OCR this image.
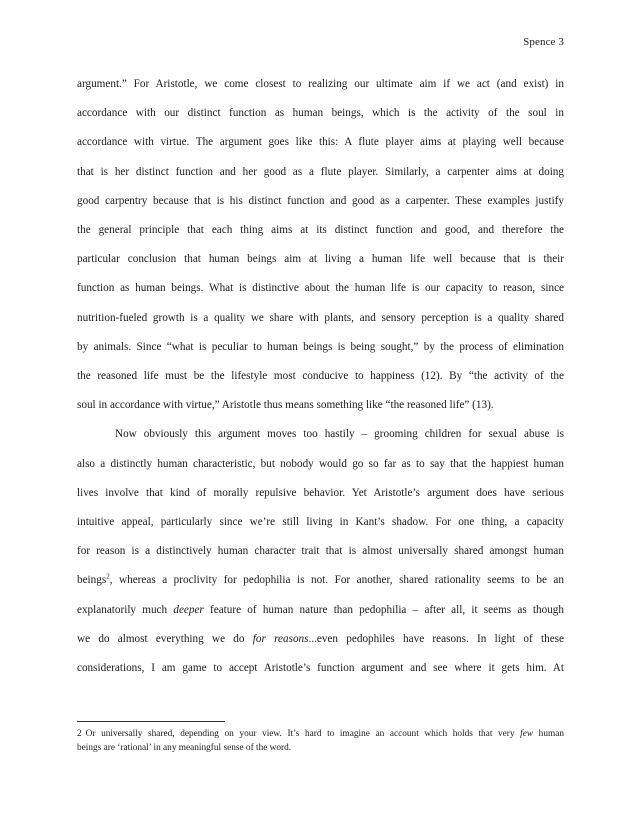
Spence 3

argument.” For Aristotle, we come closest to realizing our ultimate aim if we act (and exist) in
accordance with our distinct function as human beings, which is the activity of the soul in
accordance with virtue. The argument goes like this: A flute player aims at playing well because
that is her distinct function and her good as a flute player. Similarly, a carpenter aims at doing
good carpentry because that is his distinct function and good as a carpenter. These examples justify
the general principle that each thing aims at its distinct function and good, and therefore the
particular conclusion that human beings aim at living a human life well because that is their
function as human beings. What is distinctive about the human life is our capacity to reason, since
nutrition-fueled growth is a quality we share with plants, and sensory perception is a quality shared
by animals. Since “what is peculiar to human beings is being sought,” by the process of elimination
the reasoned life must be the lifestyle most conducive to happiness (12). By “the activity of the
soul in accordance with virtue,” Aristotle thus means something like “the reasoned life” (13).

Now obviously this argument moves too hastily – grooming children for sexual abuse is
also a distinctly human characteristic, but nobody would go so far as to say that the happiest human
lives involve that kind of morally repulsive behavior. Yet Aristotle’s argument does have serious
intuitive appeal, particularly since we’re still living in Kant’s shadow. For one thing, a capacity
for reason is a distinctively human character trait that is almost universally shared amongst human
beings$^2$, whereas a proclivity for pedophilia is not. For another, shared rationality seems to be an
explanatorily much deeper feature of human nature than pedophilia – after all, it seems as though
we do almost everything we do for reasons...even pedophiles have reasons. In light of these
considerations, I am game to accept Aristotle’s function argument and see where it gets him. At

2 Or universally shared, depending on your view. It’s hard to imagine an account which holds that very few human
beings are ‘rational’ in any meaningful sense of the word.
